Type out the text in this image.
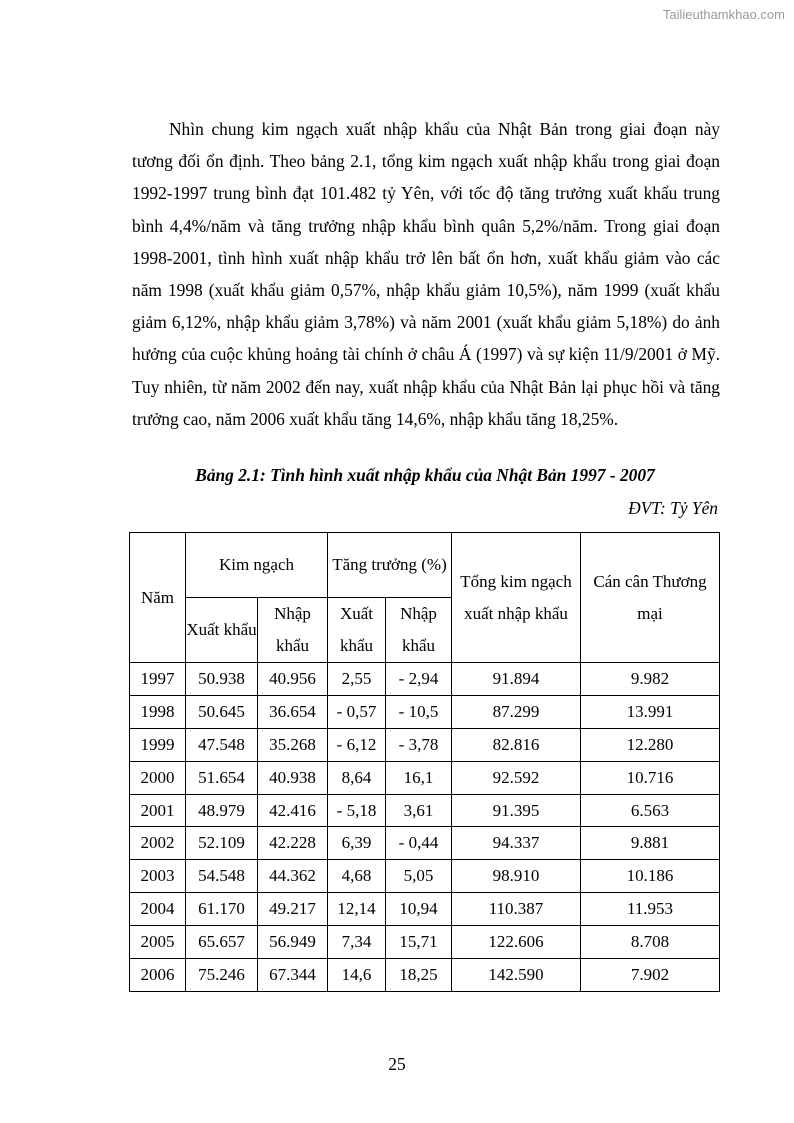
Tailieuthamkhao.com

Nhìn chung kim ngạch xuất nhập khẩu của Nhật Bản trong giai đoạn này tương đối ổn định. Theo bảng 2.1, tổng kim ngạch xuất nhập khẩu trong giai đoạn 1992-1997 trung bình đạt 101.482 tỷ Yên, với tốc độ tăng trưởng xuất khẩu trung bình 4,4%/năm và tăng trưởng nhập khẩu bình quân 5,2%/năm. Trong giai đoạn 1998-2001, tình hình xuất nhập khẩu trở lên bất ổn hơn, xuất khẩu giảm vào các năm 1998 (xuất khẩu giảm 0,57%, nhập khẩu giảm 10,5%), năm 1999 (xuất khẩu giảm 6,12%, nhập khẩu giảm 3,78%) và năm 2001 (xuất khẩu giảm 5,18%) do ảnh hưởng của cuộc khủng hoảng tài chính ở châu Á (1997) và sự kiện 11/9/2001 ở Mỹ. Tuy nhiên, từ năm 2002 đến nay, xuất nhập khẩu của Nhật Bản lại phục hồi và tăng trưởng cao, năm 2006 xuất khẩu tăng 14,6%, nhập khẩu tăng 18,25%.

Bảng 2.1: Tình hình xuất nhập khẩu của Nhật Bản 1997 - 2007
ĐVT: Tỷ Yên
Năm	Kim ngạch		Tăng trưởng (%)		Tổng kim ngạch xuất nhập khẩu	Cán cân Thương mại
	Xuất khẩu	Nhập khẩu	Xuất khẩu	Nhập khẩu		
1997	50.938	40.956	2,55	- 2,94	91.894	9.982
1998	50.645	36.654	- 0,57	- 10,5	87.299	13.991
1999	47.548	35.268	- 6,12	- 3,78	82.816	12.280
2000	51.654	40.938	8,64	16,1	92.592	10.716
2001	48.979	42.416	- 5,18	3,61	91.395	6.563
2002	52.109	42.228	6,39	- 0,44	94.337	9.881
2003	54.548	44.362	4,68	5,05	98.910	10.186
2004	61.170	49.217	12,14	10,94	110.387	11.953
2005	65.657	56.949	7,34	15,71	122.606	8.708
2006	75.246	67.344	14,6	18,25	142.590	7.902
25
